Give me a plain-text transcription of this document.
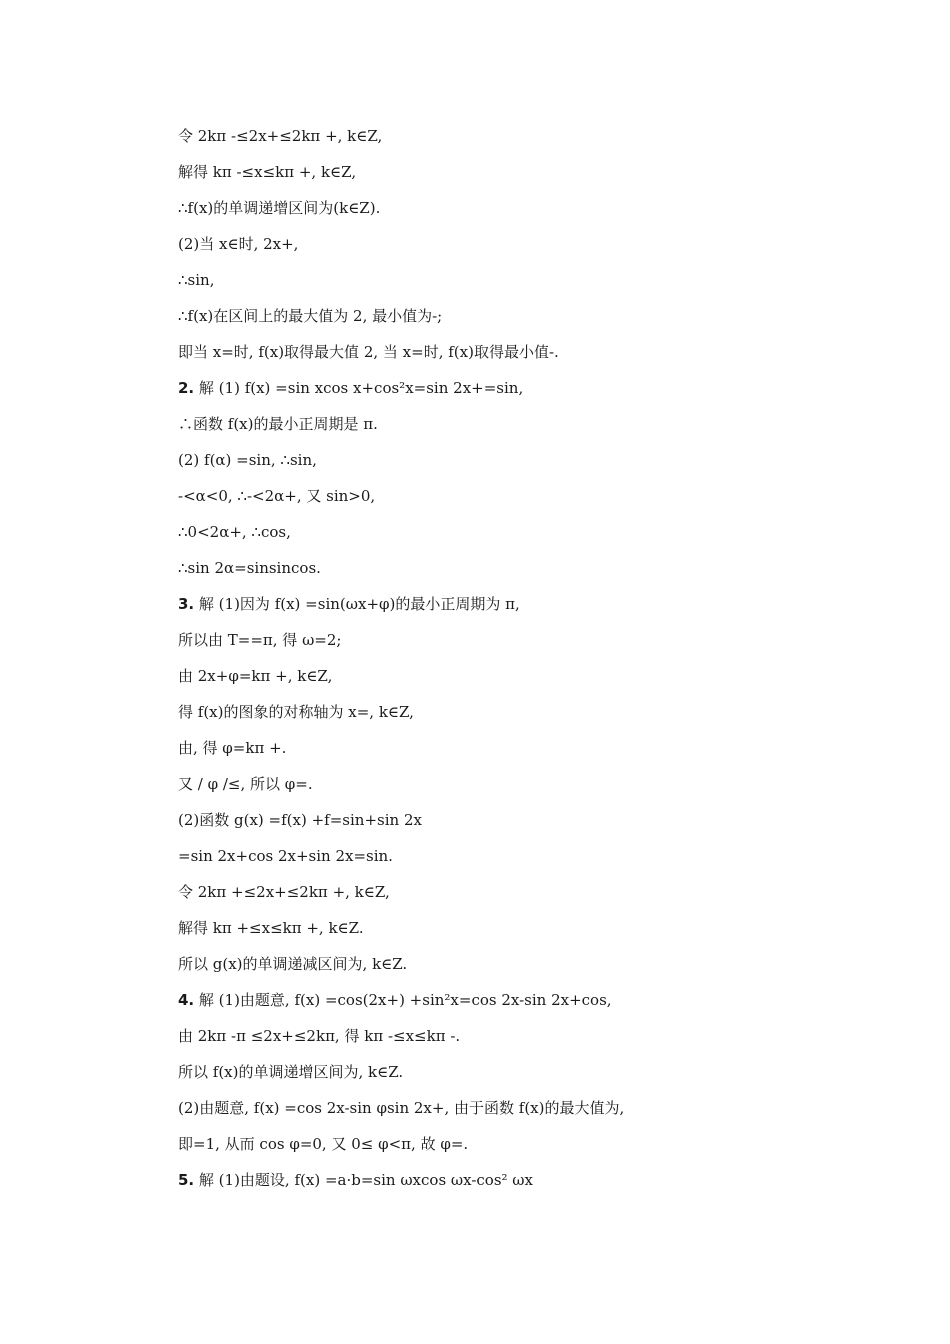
令 2kπ -≤2x+≤2kπ +, k∈Z,
解得 kπ -≤x≤kπ +, k∈Z,
∴f(x)的单调递增区间为(k∈Z).
(2)当 x∈时, 2x+,
∴sin,
∴f(x)在区间上的最大值为 2, 最小值为-;
即当 x=时, f(x)取得最大值 2, 当 x=时, f(x)取得最小值-.
2. 解 (1) f(x) =sin xcos x+cos²x=sin 2x+=sin,
∴函数 f(x)的最小正周期是 π.
(2) f(α) =sin, ∴sin,
-<α<0, ∴-<2α+, 又 sin>0,
∴0<2α+, ∴cos,
∴sin 2α=sinsincos.
3. 解 (1)因为 f(x) =sin(ωx+φ)的最小正周期为 π,
所以由 T==π, 得 ω=2;
由 2x+φ=kπ +, k∈Z,
得 f(x)的图象的对称轴为 x=, k∈Z,
由, 得 φ=kπ +.
又 / φ /≤, 所以 φ=.
(2)函数 g(x) =f(x) +f=sin+sin 2x
=sin 2x+cos 2x+sin 2x=sin.
令 2kπ +≤2x+≤2kπ +, k∈Z,
解得 kπ +≤x≤kπ +, k∈Z.
所以 g(x)的单调递减区间为, k∈Z.
4. 解 (1)由题意, f(x) =cos(2x+) +sin²x=cos 2x-sin 2x+cos,
由 2kπ -π ≤2x+≤2kπ, 得 kπ -≤x≤kπ -.
所以 f(x)的单调递增区间为, k∈Z.
(2)由题意, f(x) =cos 2x-sin φsin 2x+, 由于函数 f(x)的最大值为,
即=1, 从而 cos φ=0, 又 0≤ φ<π, 故 φ=.
5. 解 (1)由题设, f(x) =a·b=sin ωxcos ωx-cos² ωx
